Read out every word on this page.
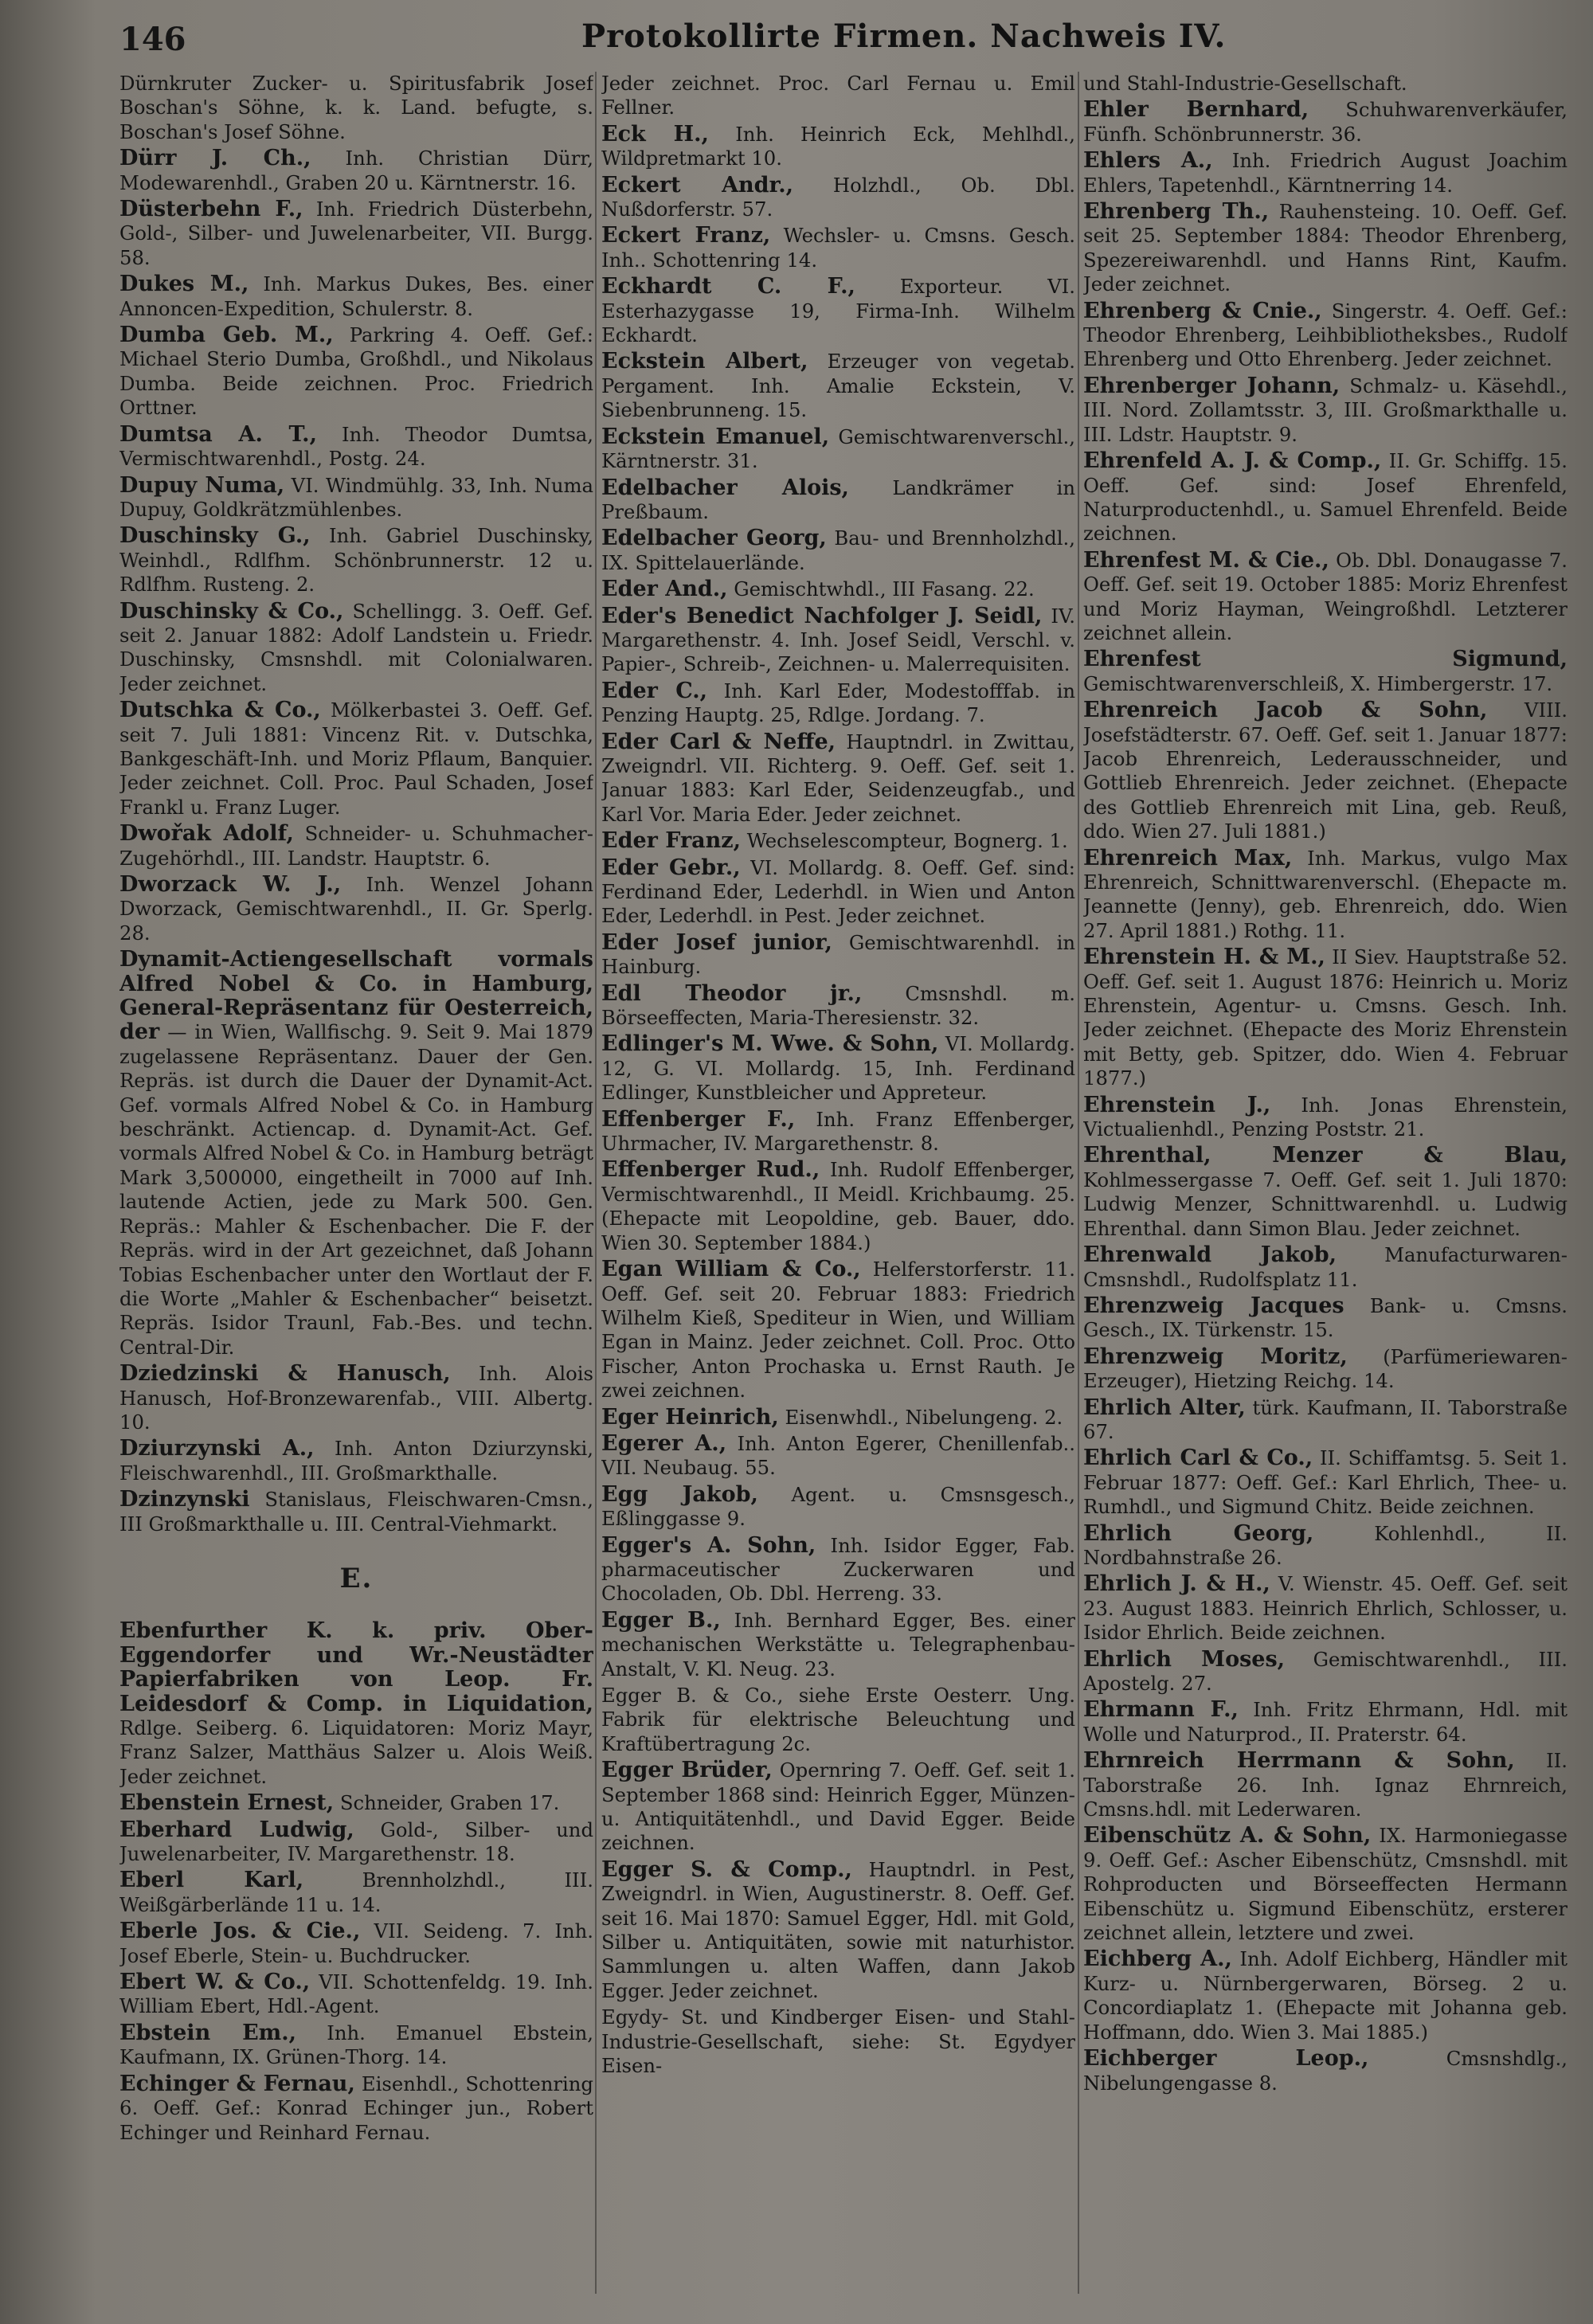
146	Protokollirte Firmen. Nachweis IV.

Dürnkruter Zucker- u. Spiritusfabrik Josef Boschan's Söhne, k. k. Land. befugte, s. Boschan's Josef Söhne.

Dürr J. Ch., Inh. Christian Dürr, Modewarenhdl., Graben 20 u. Kärntnerstr. 16.

Düsterbehn F., Inh. Friedrich Düsterbehn, Gold-, Silber- und Juwelenarbeiter, VII. Burgg. 58.

Dukes M., Inh. Markus Dukes, Bes. einer Annoncen-Expedition, Schulerstr. 8.

Dumba Geb. M., Parkring 4. Oeff. Gef.: Michael Sterio Dumba, Großhdl., und Nikolaus Dumba. Beide zeichnen. Proc. Friedrich Orttner.

Dumtsa A. T., Inh. Theodor Dumtsa, Vermischtwarenhdl., Postg. 24.

Dupuy Numa, VI. Windmühlg. 33, Inh. Numa Dupuy, Goldkrätzmühlenbes.

Duschinsky G., Inh. Gabriel Duschinsky, Weinhdl., Rdlfhm. Schönbrunnerstr. 12 u. Rdlfhm. Rusteng. 2.

Duschinsky & Co., Schellingg. 3. Oeff. Gef. seit 2. Januar 1882: Adolf Landstein u. Friedr. Duschinsky, Cmsnshdl. mit Colonialwaren. Jeder zeichnet.

Dutschka & Co., Mölkerbastei 3. Oeff. Gef. seit 7. Juli 1881: Vincenz Rit. v. Dutschka, Bankgeschäft-Inh. und Moriz Pflaum, Banquier. Jeder zeichnet. Coll. Proc. Paul Schaden, Josef Frankl u. Franz Luger.

Dwořak Adolf, Schneider- u. Schuhmacher-Zugehörhdl., III. Landstr. Hauptstr. 6.

Dworzack W. J., Inh. Wenzel Johann Dworzack, Gemischtwarenhdl., II. Gr. Sperlg. 28.

Dynamit-Actiengesellschaft vormals Alfred Nobel & Co. in Hamburg, General-Repräsentanz für Oesterreich, der — in Wien, Wallfischg. 9. Seit 9. Mai 1879 zugelassene Repräsentanz. Dauer der Gen. Repräs. ist durch die Dauer der Dynamit-Act. Gef. vormals Alfred Nobel & Co. in Hamburg beschränkt. Actiencap. d. Dynamit-Act. Gef. vormals Alfred Nobel & Co. in Hamburg beträgt Mark 3,500000, eingetheilt in 7000 auf Inh. lautende Actien, jede zu Mark 500. Gen. Repräs.: Mahler & Eschenbacher. Die F. der Repräs. wird in der Art gezeichnet, daß Johann Tobias Eschenbacher unter den Wortlaut der F. die Worte „Mahler & Eschenbacher“ beisetzt. Repräs. Isidor Traunl, Fab.-Bes. und techn. Central-Dir.

Dziedzinski & Hanusch, Inh. Alois Hanusch, Hof-Bronzewarenfab., VIII. Albertg. 10.

Dziurzynski A., Inh. Anton Dziurzynski, Fleischwarenhdl., III. Großmarkthalle.

Dzinzynski Stanislaus, Fleischwaren-Cmsn., III Großmarkthalle u. III. Central-Viehmarkt.

E.

Ebenfurther K. k. priv. Ober-Eggendorfer und Wr.-Neustädter Papierfabriken von Leop. Fr. Leidesdorf & Comp. in Liquidation, Rdlge. Seiberg. 6. Liquidatoren: Moriz Mayr, Franz Salzer, Matthäus Salzer u. Alois Weiß. Jeder zeichnet.

Ebenstein Ernest, Schneider, Graben 17.

Eberhard Ludwig, Gold-, Silber- und Juwelenarbeiter, IV. Margarethenstr. 18.

Eberl Karl,	Brennholzhdl., III. Weißgärberlände 11 u. 14.

Eberle Jos. & Cie., VII. Seideng. 7. Inh. Josef Eberle, Stein- u. Buchdrucker.

Ebert W. & Co., VII. Schottenfeldg. 19. Inh. William Ebert, Hdl.-Agent.

Ebstein Em., Inh. Emanuel Ebstein, Kaufmann, IX. Grünen-Thorg. 14.

Echinger & Fernau, Eisenhdl., Schottenring 6. Oeff. Gef.: Konrad Echinger jun., Robert Echinger und Reinhard Fernau.

Jeder zeichnet. Proc. Carl Fernau u. Emil Fellner.

Eck H., Inh. Heinrich Eck, Mehlhdl., Wildpretmarkt 10.

Eckert Andr., Holzhdl., Ob. Dbl. Nußdorferstr. 57.

Eckert Franz, Wechsler- u. Cmsns. Gesch. Inh.. Schottenring 14.

Eckhardt C. F., Exporteur. VI. Esterhazygasse 19, Firma-Inh. Wilhelm Eckhardt.

Eckstein Albert, Erzeuger von vegetab. Pergament. Inh. Amalie Eckstein, V. Siebenbrunneng. 15.

Eckstein Emanuel, Gemischtwarenverschl., Kärntnerstr. 31.

Edelbacher Alois, Landkrämer in Preßbaum.

Edelbacher Georg, Bau- und Brennholzhdl., IX. Spittelauerlände.

Eder And., Gemischtwhdl., III Fasang. 22.

Eder's Benedict Nachfolger J. Seidl, IV. Margarethenstr. 4. Inh. Josef Seidl, Verschl. v. Papier-, Schreib-, Zeichnen- u. Malerrequisiten.

Eder C., Inh. Karl Eder, Modestofffab. in Penzing Hauptg. 25, Rdlge. Jordang. 7.

Eder Carl & Neffe, Hauptndrl. in Zwittau, Zweigndrl. VII. Richterg. 9. Oeff. Gef. seit 1. Januar 1883: Karl Eder, Seidenzeugfab., und Karl Vor. Maria Eder. Jeder zeichnet.

Eder Franz, Wechselescompteur, Bognerg. 1.

Eder Gebr., VI. Mollardg. 8. Oeff. Gef. sind: Ferdinand Eder, Lederhdl. in Wien und Anton Eder, Lederhdl. in Pest. Jeder zeichnet.

Eder Josef junior, Gemischtwarenhdl. in Hainburg.

Edl Theodor jr., Cmsnshdl. m. Börseeffecten, Maria-Theresienstr. 32.

Edlinger's M. Wwe. & Sohn, VI. Mollardg. 12, G. VI. Mollardg. 15, Inh. Ferdinand Edlinger, Kunstbleicher und Appreteur.

Effenberger F., Inh. Franz Effenberger, Uhrmacher, IV. Margarethenstr. 8.

Effenberger Rud., Inh. Rudolf Effenberger, Vermischtwarenhdl., II Meidl. Krichbaumg. 25. (Ehepacte mit Leopoldine, geb. Bauer, ddo. Wien 30. September 1884.)

Egan William & Co., Helferstorferstr. 11. Oeff. Gef. seit 20. Februar 1883: Friedrich Wilhelm Kieß, Spediteur in Wien, und William Egan in Mainz. Jeder zeichnet. Coll. Proc. Otto Fischer, Anton Prochaska u. Ernst Rauth. Je zwei zeichnen.

Eger Heinrich, Eisenwhdl., Nibelungeng. 2.

Egerer A., Inh. Anton Egerer, Chenillenfab.. VII. Neubaug. 55.

Egg Jakob, Agent. u. Cmsnsgesch., Eßlinggasse 9.

Egger's A. Sohn, Inh. Isidor Egger, Fab. pharmaceutischer Zuckerwaren und Chocoladen, Ob. Dbl. Herreng. 33.

Egger B., Inh. Bernhard Egger, Bes. einer mechanischen Werkstätte u. Telegraphenbau-Anstalt, V. Kl. Neug. 23.

Egger B. & Co., siehe Erste Oesterr. Ung. Fabrik für elektrische Beleuchtung und Kraftübertragung 2c.

Egger Brüder, Opernring 7. Oeff. Gef. seit 1. September 1868 sind: Heinrich Egger, Münzen- u. Antiquitätenhdl., und David Egger. Beide zeichnen.

Egger S. & Comp., Hauptndrl. in Pest, Zweigndrl. in Wien, Augustinerstr. 8. Oeff. Gef. seit 16. Mai 1870: Samuel Egger, Hdl. mit Gold, Silber u. Antiquitäten, sowie mit naturhistor. Sammlungen u. alten Waffen, dann Jakob Egger. Jeder zeichnet.

Egydy- St. und Kindberger Eisen- und Stahl-Industrie-Gesellschaft, siehe: St. Egydyer Eisen-

und Stahl-Industrie-Gesellschaft.

Ehler Bernhard, Schuhwarenverkäufer, Fünfh. Schönbrunnerstr. 36.

Ehlers A., Inh. Friedrich August Joachim Ehlers, Tapetenhdl., Kärntnerring 14.

Ehrenberg Th., Rauhensteing. 10. Oeff. Gef. seit 25. September 1884: Theodor Ehrenberg, Spezereiwarenhdl. und Hanns Rint, Kaufm. Jeder zeichnet.

Ehrenberg & Cnie., Singerstr. 4. Oeff. Gef.: Theodor Ehrenberg, Leihbibliotheksbes., Rudolf Ehrenberg und Otto Ehrenberg. Jeder zeichnet.

Ehrenberger Johann, Schmalz- u. Käsehdl., III. Nord. Zollamtsstr. 3, III. Großmarkthalle u. III. Ldstr. Hauptstr. 9.

Ehrenfeld A. J. & Comp., II. Gr. Schiffg. 15. Oeff. Gef. sind: Josef Ehrenfeld, Naturproductenhdl., u. Samuel Ehrenfeld. Beide zeichnen.

Ehrenfest M. & Cie., Ob. Dbl. Donaugasse 7. Oeff. Gef. seit 19. October 1885: Moriz Ehrenfest und Moriz Hayman, Weingroßhdl. Letzterer zeichnet allein.

Ehrenfest Sigmund, Gemischtwarenverschleiß, X. Himbergerstr. 17.

Ehrenreich Jacob & Sohn, VIII. Josefstädterstr. 67. Oeff. Gef. seit 1. Januar 1877: Jacob Ehrenreich, Lederausschneider, und Gottlieb Ehrenreich. Jeder zeichnet. (Ehepacte des Gottlieb Ehrenreich mit Lina, geb. Reuß, ddo. Wien 27. Juli 1881.)

Ehrenreich Max, Inh. Markus, vulgo Max Ehrenreich, Schnittwarenverschl. (Ehepacte m. Jeannette (Jenny), geb. Ehrenreich, ddo. Wien 27. April 1881.) Rothg. 11.

Ehrenstein H. & M., II Siev. Hauptstraße 52. Oeff. Gef. seit 1. August 1876: Heinrich u. Moriz Ehrenstein, Agentur- u. Cmsns. Gesch. Inh. Jeder zeichnet. (Ehepacte des Moriz Ehrenstein mit Betty, geb. Spitzer, ddo. Wien 4. Februar 1877.)

Ehrenstein J., Inh. Jonas Ehrenstein, Victualienhdl., Penzing Poststr. 21.

Ehrenthal, Menzer & Blau, Kohlmessergasse 7. Oeff. Gef. seit 1. Juli 1870: Ludwig Menzer, Schnittwarenhdl. u. Ludwig Ehrenthal. dann Simon Blau. Jeder zeichnet.

Ehrenwald Jakob, Manufacturwaren-Cmsnshdl., Rudolfsplatz 11.

Ehrenzweig Jacques Bank- u. Cmsns. Gesch., IX. Türkenstr. 15.

Ehrenzweig Moritz, (Parfümeriewaren-Erzeuger), Hietzing Reichg. 14.

Ehrlich Alter, türk. Kaufmann, II. Taborstraße 67.

Ehrlich Carl & Co., II. Schiffamtsg. 5. Seit 1. Februar 1877: Oeff. Gef.: Karl Ehrlich, Thee- u. Rumhdl., und Sigmund Chitz. Beide zeichnen.

Ehrlich Georg,	Kohlenhdl., II. Nordbahnstraße 26.

Ehrlich J. & H., V. Wienstr. 45. Oeff. Gef. seit 23. August 1883. Heinrich Ehrlich, Schlosser, u. Isidor Ehrlich. Beide zeichnen.

Ehrlich Moses, Gemischtwarenhdl., III. Apostelg. 27.

Ehrmann F., Inh. Fritz Ehrmann, Hdl. mit Wolle und Naturprod., II. Praterstr. 64.

Ehrnreich Herrmann & Sohn, II. Taborstraße 26. Inh. Ignaz Ehrnreich, Cmsns.hdl. mit Lederwaren.

Eibenschütz A. & Sohn, IX. Harmoniegasse 9. Oeff. Gef.: Ascher Eibenschütz, Cmsnshdl. mit Rohproducten und Börseeffecten Hermann Eibenschütz u. Sigmund Eibenschütz, ersterer zeichnet allein, letztere und zwei.

Eichberg A., Inh. Adolf Eichberg, Händler mit Kurz- u. Nürnbergerwaren, Börseg. 2 u. Concordiaplatz 1. (Ehepacte mit Johanna geb. Hoffmann, ddo. Wien 3. Mai 1885.)

Eichberger Leop.,	Cmsnshdlg., Nibelungengasse 8.
